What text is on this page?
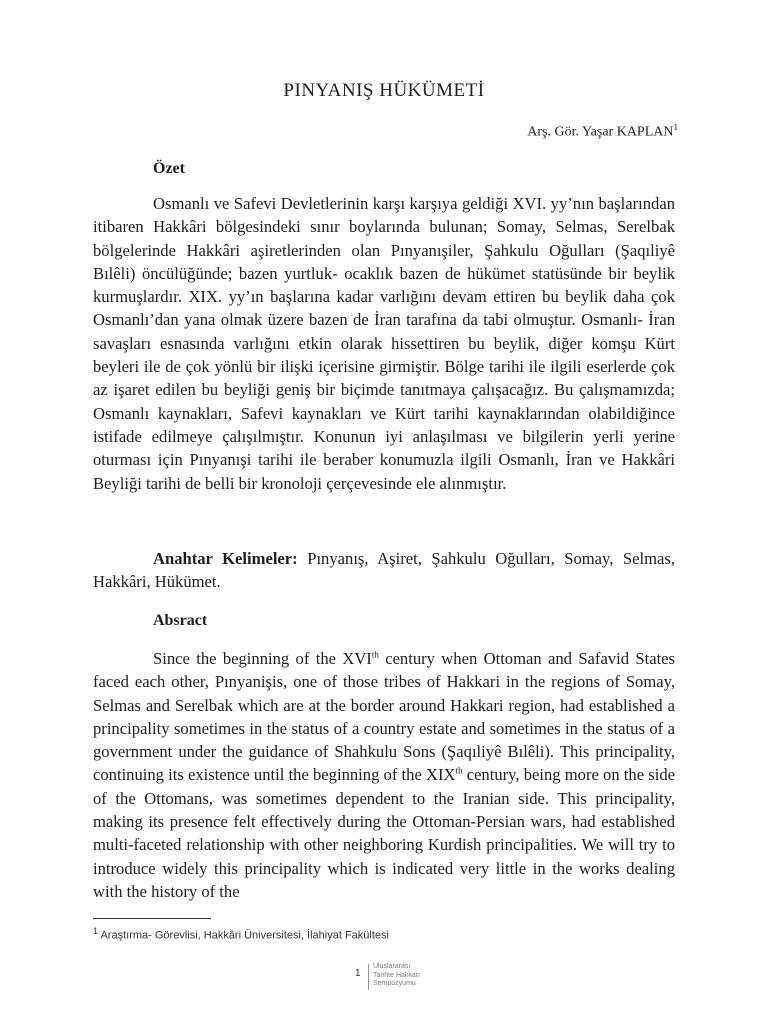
PINYANIŞ HÜKÜMETİ

Arş. Gör. Yaşar KAPLAN$^1$

Özet

Osmanlı ve Safevi Devletlerinin karşı karşıya geldiği XVI. yy’nın başlarından itibaren Hakkâri bölgesindeki sınır boylarında bulunan; Somay, Selmas, Serelbak bölgelerinde Hakkâri aşiretlerinden olan Pınyanışiler, Şahkulu Oğulları (Şaqıliyê Bılêli) öncülüğünde; bazen yurtluk- ocaklık bazen de hükümet statüsünde bir beylik kurmuşlardır. XIX. yy’ın başlarına kadar varlığını devam ettiren bu beylik daha çok Osmanlı’dan yana olmak üzere bazen de İran tarafına da tabi olmuştur. Osmanlı- İran savaşları esnasında varlığını etkin olarak hissettiren bu beylik, diğer komşu Kürt beyleri ile de çok yönlü bir ilişki içerisine girmiştir. Bölge tarihi ile ilgili eserlerde çok az işaret edilen bu beyliği geniş bir biçimde tanıtmaya çalışacağız. Bu çalışmamızda; Osmanlı kaynakları, Safevi kaynakları ve Kürt tarihi kaynaklarından olabildiğince istifade edilmeye çalışılmıştır. Konunun iyi anlaşılması ve bilgilerin yerli yerine oturması için Pınyanışi tarihi ile beraber konumuzla ilgili Osmanlı, İran ve Hakkâri Beyliği tarihi de belli bir kronoloji çerçevesinde ele alınmıştır.

Anahtar Kelimeler: Pınyanış, Aşiret, Şahkulu Oğulları, Somay, Selmas, Hakkâri, Hükümet.

Absract

Since the beginning of the XVIth century when Ottoman and Safavid States faced each other, Pınyanişis, one of those tribes of Hakkari in the regions of Somay, Selmas and Serelbak which are at the border around Hakkari region, had established a principality sometimes in the status of a country estate and sometimes in the status of a government under the guidance of Shahkulu Sons (Şaqıliyê Bılêli). This principality, continuing its existence until the beginning of the XIXth century, being more on the side of the Ottomans, was sometimes dependent to the Iranian side. This principality, making its presence felt effectively during the Ottoman-Persian wars, had established multi-faceted relationship with other neighboring Kurdish principalities. We will try to introduce widely this principality which is indicated very little in the works dealing with the history of the

$^1$ Araştırma- Görevlisi, Hakkâri Üniversitesi, İlahiyat Fakültesi

1
Uluslararası
Tarihte Hakkari
Sempozyumu
